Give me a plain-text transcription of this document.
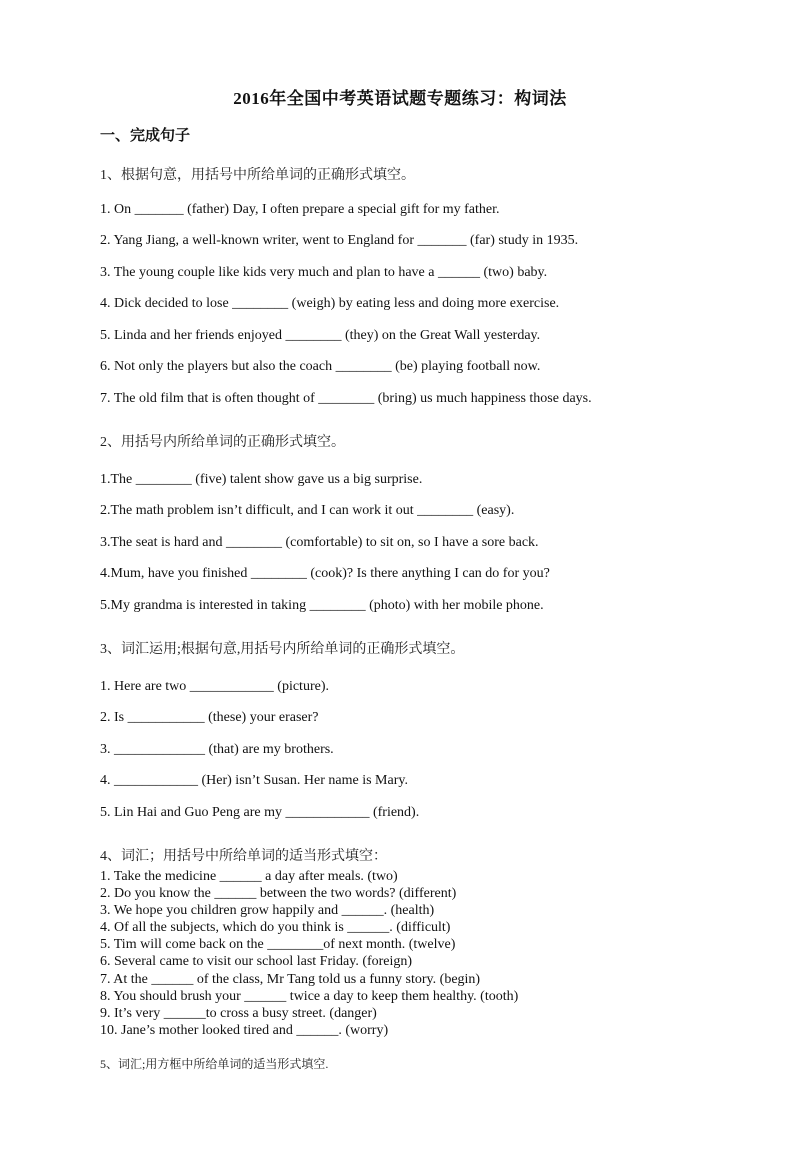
2016年全国中考英语试题专题练习：构词法
一、完成句子
1、根据句意，用括号中所给单词的正确形式填空。
1. On _______ (father) Day, I often prepare a special gift for my father.
2. Yang Jiang, a well-known writer, went to England for _______ (far) study in 1935.
3. The young couple like kids very much and plan to have a ______ (two) baby.
4. Dick decided to lose ________ (weigh) by eating less and doing more exercise.
5. Linda and her friends enjoyed ________ (they) on the Great Wall yesterday.
6. Not only the players but also the coach ________ (be) playing football now.
7. The old film that is often thought of ________ (bring) us much happiness those days.
2、用括号内所给单词的正确形式填空。
1.The ________ (five) talent show gave us a big surprise.
2.The math problem isn’t difficult, and I can work it out ________ (easy).
3.The seat is hard and ________ (comfortable) to sit on, so I have a sore back.
4.Mum, have you finished ________ (cook)? Is there anything I can do for you?
5.My grandma is interested in taking ________ (photo) with her mobile phone.
3、词汇运用;根据句意,用括号内所给单词的正确形式填空。
1. Here are two ____________ (picture).
2. Is ___________ (these) your eraser?
3. _____________ (that) are my brothers.
4. ____________ (Her) isn’t Susan. Her name is Mary.
5. Lin Hai and Guo Peng are my ____________ (friend).
4、词汇；用括号中所给单词的适当形式填空：
1. Take the medicine ______ a day after meals. (two)
2. Do you know the ______ between the two words? (different)
3. We hope you children grow happily and ______. (health)
4. Of all the subjects, which do you think is ______. (difficult)
5. Tim will come back on the ________of next month. (twelve)
6. Several came to visit our school last Friday. (foreign)
7. At the ______ of the class, Mr Tang told us a funny story. (begin)
8. You should brush your ______ twice a day to keep them healthy. (tooth)
9. It’s very ______to cross a busy street. (danger)
10. Jane’s mother looked tired and ______. (worry)
5、词汇;用方框中所给单词的适当形式填空.
